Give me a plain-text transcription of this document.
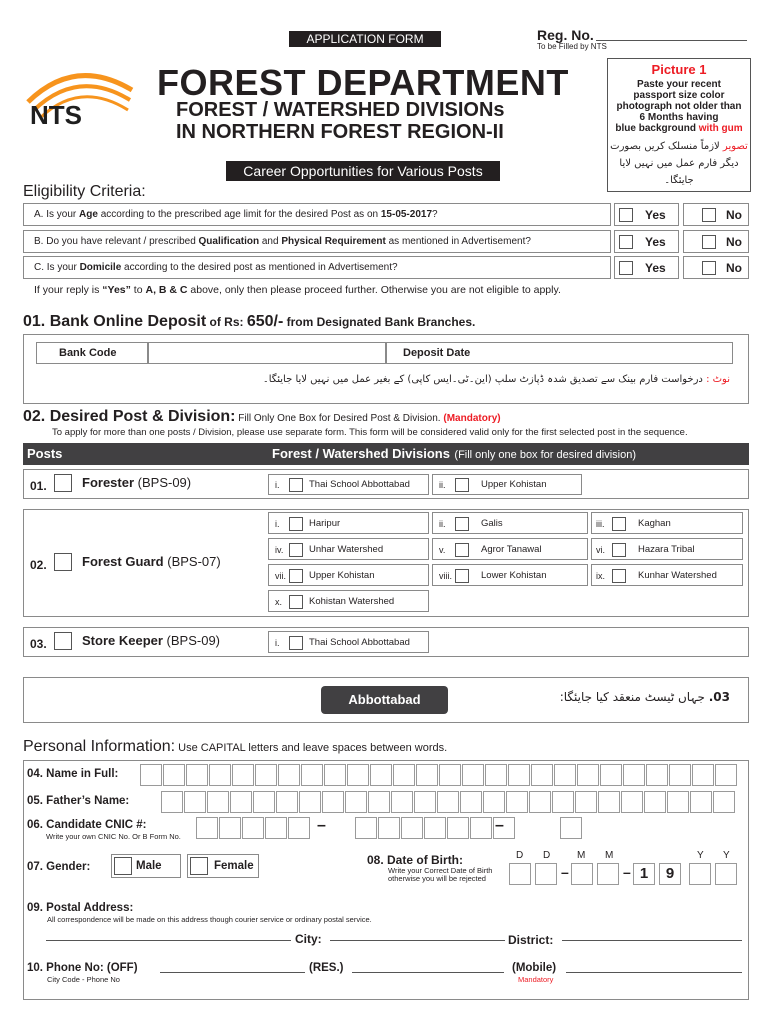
APPLICATION FORM	Reg. No.
To be Filled by NTS
NTS
FOREST DEPARTMENT
FOREST / WATERSHED DIVISIONs
IN NORTHERN FOREST REGION-II
Career Opportunities for Various Posts
Picture 1
Paste your recent
passport size color
photograph not older than
6 Months having
blue background with gum
تصویر لازماً منسلک کریں بصورت
دیگر فارم عمل میں نہیں لایا جایئگا۔
Eligibility Criteria:
A. Is your Age according to the prescribed age limit for the desired Post as on 15-05-2017?	Yes	No
B. Do you have relevant / prescribed Qualification and Physical Requirement as mentioned in Advertisement?	Yes	No
C. Is your Domicile according to the desired post as mentioned in Advertisement?	Yes	No
If your reply is “Yes” to A, B & C above, only then please proceed further. Otherwise you are not eligible to apply.
01. Bank Online Deposit of Rs: 650/- from Designated Bank Branches.
Bank Code	Deposit Date
نوٹ : درخواست فارم بینک سے تصدیق شدہ ڈپازٹ سلپ (این۔ٹی۔ایس کاپی) کے بغیر عمل میں نہیں لایا جایئگا۔
02. Desired Post & Division: Fill Only One Box for Desired Post & Division. (Mandatory)
To apply for more than one posts / Division, please use separate form. This form will be considered valid only for the first selected post in the sequence.
Posts	Forest / Watershed Divisions (Fill only one box for desired division)
01.	Forester (BPS-09)	i.	Thai School Abbottabad	ii.	Upper Kohistan
02.	Forest Guard (BPS-07)
i.	Haripur	ii.	Galis	iii.	Kaghan
iv.	Unhar Watershed	v.	Agror Tanawal	vi.	Hazara Tribal
vii. Upper Kohistan	viii.	Lower Kohistan	ix.	Kunhar Watershed
x.	Kohistan Watershed
03.	Store Keeper (BPS-09)	i.	Thai School Abbottabad
Abbottabad	.03 جہاں ٹیسٹ منعقد کیا جایئگا:
Personal Information: Use CAPITAL letters and leave spaces between words.
04. Name in Full:
05. Father’s Name:
06. Candidate CNIC #:
Write your own CNIC No. Or B Form No.
–	–
07. Gender:	Male	Female	08. Date of Birth:
Write your Correct Date of Birth
otherwise you will be rejected
D D	M M	Y Y
–	– 1	9
09. Postal Address:
All correspondence will be made on this address though courier service or ordinary postal service.
City:	District:
10. Phone No: (OFF)
City Code - Phone No
(RES.)	(Mobile)
Mandatory
